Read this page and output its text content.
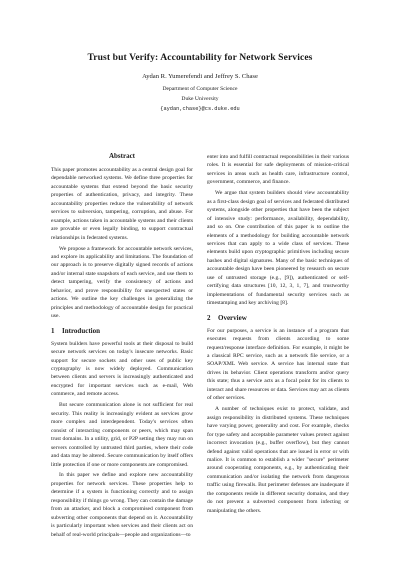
Trust but Verify: Accountability for Network Services
Aydan R. Yumerefendi and Jeffrey S. Chase
Department of Computer Science
Duke University
{aydan,chase}@cs.duke.edu
Abstract

This paper promotes accountability as a central design goal for dependable networked systems. We define three properties for accountable systems that extend beyond the basic security properties of authentication, privacy, and integrity. These accountability properties reduce the vulnerability of network services to subversion, tampering, corruption, and abuse. For example, actions taken in accountable systems and their clients are provable or even legally binding, to support contractual relationships in federated systems.

We propose a framework for accountable network services, and explore its applicability and limitations. The foundation of our approach is to preserve digitally signed records of actions and/or internal state snapshots of each service, and use them to detect tampering, verify the consistency of actions and behavior, and prove responsibility for unexpected states or actions. We outline the key challenges in generalizing the principles and methodology of accountable design for practical use.

1 Introduction

System builders have powerful tools at their disposal to build secure network services on today's insecure networks. Basic support for secure sockets and other uses of public key cryptography is now widely deployed. Communication between clients and servers is increasingly authenticated and encrypted for important services such as e-mail, Web commerce, and remote access.

But secure communication alone is not sufficient for real security. This reality is increasingly evident as services grow more complex and interdependent. Today's services often consist of interacting components or peers, which may span trust domains. In a utility, grid, or P2P setting they may run on servers controlled by untrusted third parties, where their code and data may be altered. Secure communication by itself offers little protection if one or more components are compromised.

In this paper we define and explore new accountability properties for network services. These properties help to determine if a system is functioning correctly and to assign responsibility if things go wrong. They can contain the damage from an attacker, and block a compromised component from subverting other components that depend on it. Accountability is particularly important when services and their clients act on behalf of real-world principals—people and organizations—to

enter into and fulfill contractual responsibilities in their various roles. It is essential for safe deployments of mission-critical services in areas such as health care, infrastructure control, government, commerce, and finance.

We argue that system builders should view accountability as a first-class design goal of services and federated distributed systems, alongside other properties that have been the subject of intensive study: performance, availability, dependability, and so on. One contribution of this paper is to outline the elements of a methodology for building accountable network services that can apply to a wide class of services. These elements build upon cryptographic primitives including secure hashes and digital signatures. Many of the basic techniques of accountable design have been pioneered by research on secure use of untrusted storage (e.g., [9]), authenticated or self-certifying data structures [10, 12, 3, 1, 7], and trustworthy implementations of fundamental security services such as timestamping and key archiving [8].

2 Overview

For our purposes, a service is an instance of a program that executes requests from clients according to some request/response interface definition. For example, it might be a classical RPC service, such as a network file service, or a SOAP/XML Web service. A service has internal state that drives its behavior. Client operations transform and/or query this state; thus a service acts as a focal point for its clients to interact and share resources or data. Services may act as clients of other services.

A number of techniques exist to protect, validate, and assign responsibility in distributed systems. These techniques have varying power, generality and cost. For example, checks for type safety and acceptable parameter values protect against incorrect invocation (e.g., buffer overflow), but they cannot defend against valid operations that are issued in error or with malice. It is common to establish a wider "secure" perimeter around cooperating components, e.g., by authenticating their communication and/or isolating the network from dangerous traffic using firewalls. But perimeter defenses are inadequate if the components reside in different security domains, and they do not prevent a subverted component from infecting or manipulating the others.
